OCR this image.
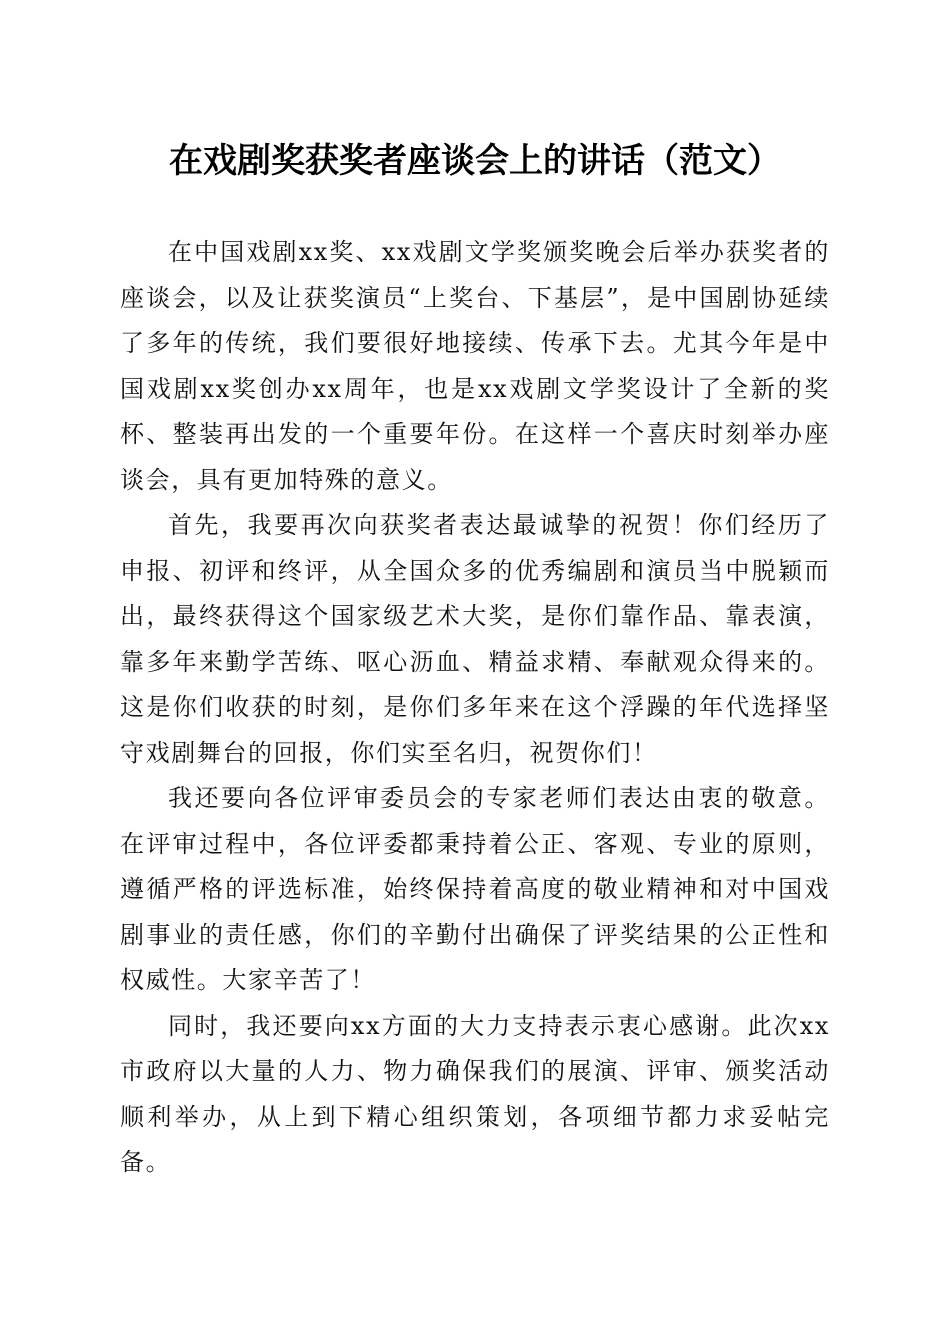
在戏剧奖获奖者座谈会上的讲话（范文）

在中国戏剧xx奖、xx戏剧文学奖颁奖晚会后举办获奖者的座谈会，以及让获奖演员“上奖台、下基层”，是中国剧协延续了多年的传统，我们要很好地接续、传承下去。尤其今年是中国戏剧xx奖创办xx周年，也是xx戏剧文学奖设计了全新的奖杯、整装再出发的一个重要年份。在这样一个喜庆时刻举办座谈会，具有更加特殊的意义。

首先，我要再次向获奖者表达最诚挚的祝贺！你们经历了申报、初评和终评，从全国众多的优秀编剧和演员当中脱颖而出，最终获得这个国家级艺术大奖，是你们靠作品、靠表演，靠多年来勤学苦练、呕心沥血、精益求精、奉献观众得来的。这是你们收获的时刻，是你们多年来在这个浮躁的年代选择坚守戏剧舞台的回报，你们实至名归，祝贺你们！

我还要向各位评审委员会的专家老师们表达由衷的敬意。在评审过程中，各位评委都秉持着公正、客观、专业的原则，遵循严格的评选标准，始终保持着高度的敬业精神和对中国戏剧事业的责任感，你们的辛勤付出确保了评奖结果的公正性和权威性。大家辛苦了！

同时，我还要向xx方面的大力支持表示衷心感谢。此次xx市政府以大量的人力、物力确保我们的展演、评审、颁奖活动顺利举办，从上到下精心组织策划，各项细节都力求妥帖完备。
